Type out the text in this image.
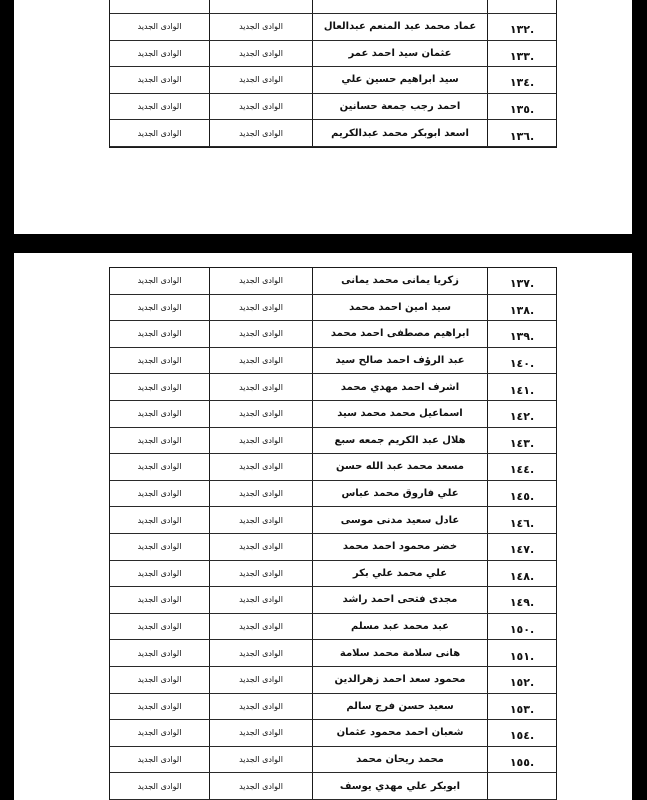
.١٣٢
عماد محمد عبد المنعم عبدالعال
الوادى الجديد
الوادى الجديد
.١٣٣
عثمان سيد احمد عمر
الوادى الجديد
الوادى الجديد
.١٣٤
سيد ابراهيم حسين علي
الوادى الجديد
الوادى الجديد
.١٣٥
احمد رجب جمعة حسانين
الوادى الجديد
الوادى الجديد
.١٣٦
اسعد ابوبكر محمد عبدالكريم
الوادى الجديد
الوادى الجديد
.١٣٧
زكريا يمانى محمد يمانى
الوادى الجديد
الوادى الجديد
.١٣٨
سيد امين احمد محمد
الوادى الجديد
الوادى الجديد
.١٣٩
ابراهيم مصطفى احمد محمد
الوادى الجديد
الوادى الجديد
.١٤٠
عبد الرؤف احمد صالح سيد
الوادى الجديد
الوادى الجديد
.١٤١
اشرف احمد مهدي محمد
الوادى الجديد
الوادى الجديد
.١٤٢
اسماعيل محمد محمد سيد
الوادى الجديد
الوادى الجديد
.١٤٣
هلال عبد الكريم جمعه سبع
الوادى الجديد
الوادى الجديد
.١٤٤
مسعد محمد عبد الله حسن
الوادى الجديد
الوادى الجديد
.١٤٥
علي فاروق محمد عباس
الوادى الجديد
الوادى الجديد
.١٤٦
عادل سعيد مدنى موسى
الوادى الجديد
الوادى الجديد
.١٤٧
خضر محمود احمد محمد
الوادى الجديد
الوادى الجديد
.١٤٨
علي محمد علي بكر
الوادى الجديد
الوادى الجديد
.١٤٩
مجدى فتحى احمد راشد
الوادى الجديد
الوادى الجديد
.١٥٠
عبد محمد عبد مسلم
الوادى الجديد
الوادى الجديد
.١٥١
هانى سلامة محمد سلامة
الوادى الجديد
الوادى الجديد
.١٥٢
محمود سعد احمد زهرالدين
الوادى الجديد
الوادى الجديد
.١٥٣
سعيد حسن فرج سالم
الوادى الجديد
الوادى الجديد
.١٥٤
شعبان احمد محمود عثمان
الوادى الجديد
الوادى الجديد
.١٥٥
محمد ريحان محمد
الوادى الجديد
الوادى الجديد
ابوبكر علي مهدي يوسف
الوادى الجديد
الوادى الجديد
